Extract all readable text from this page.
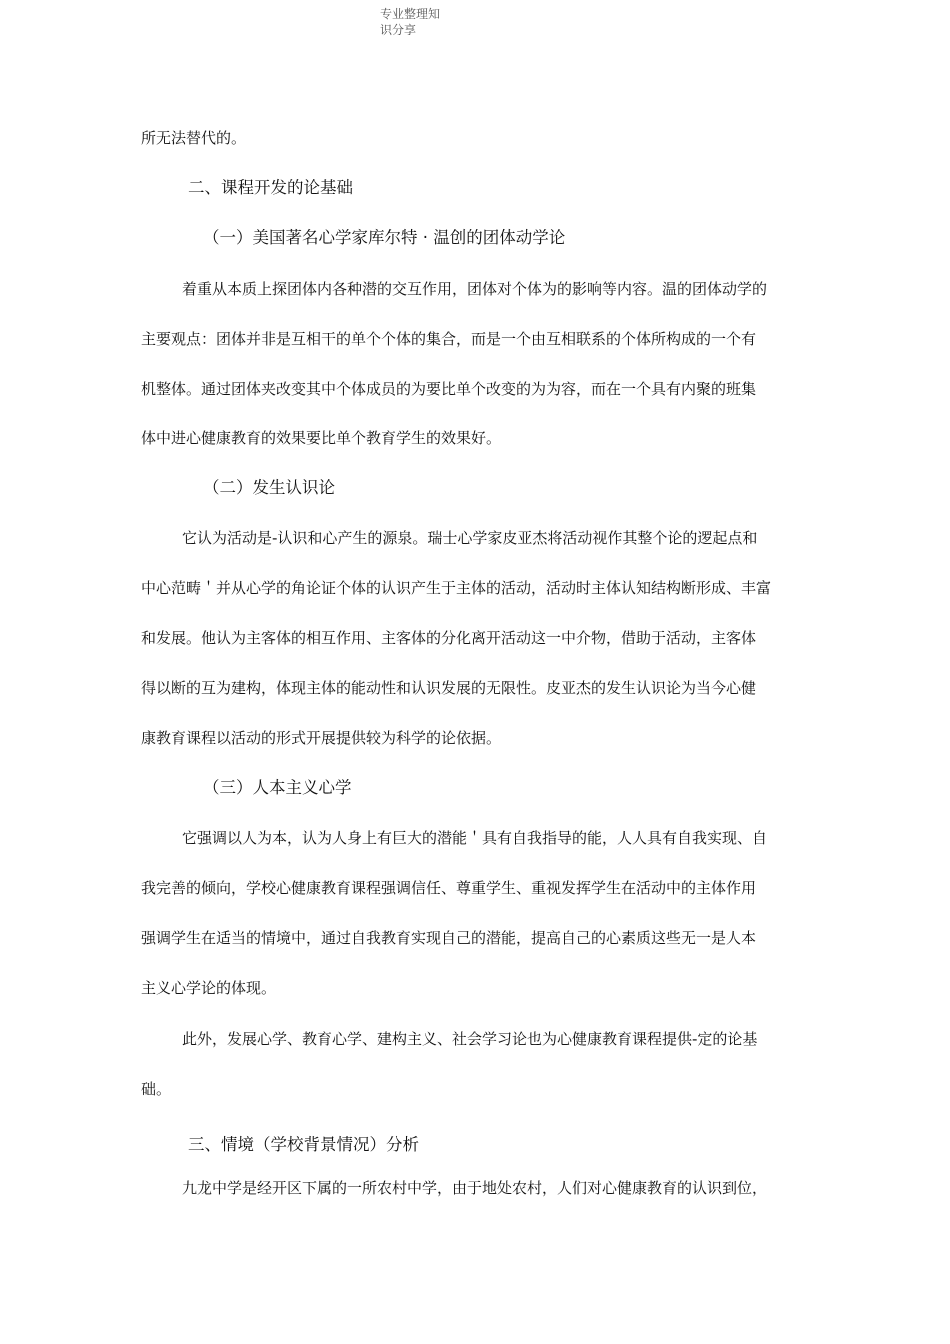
专业整理知识分享
所无法替代的。
二、课程开发的论基础
（一）美国著名心学家库尔特 · 温创的团体动学论
着重从本质上探团体内各种潜的交互作用，团体对个体为的影响等内容。温的团体动学的
主要观点：团体并非是互相干的单个个体的集合，而是一个由互相联系的个体所构成的一个有
机整体。通过团体夹改变其中个体成员的为要比单个改变的为为容，而在一个具有内聚的班集
体中进心健康教育的效果要比单个教育学生的效果好。
（二）发生认识论
它认为活动是-认识和心产生的源泉。瑞士心学家皮亚杰将活动视作其整个论的逻起点和
中心范畴＇并从心学的角论证个体的认识产生于主体的活动，活动时主体认知结构断形成、丰富
和发展。他认为主客体的相互作用、主客体的分化离开活动这一中介物，借助于活动，主客体
得以断的互为建构，体现主体的能动性和认识发展的无限性。皮亚杰的发生认识论为当今心健
康教育课程以活动的形式开展提供较为科学的论依据。
（三）人本主义心学
它强调以人为本，认为人身上有巨大的潜能＇具有自我指导的能，人人具有自我实现、自
我完善的倾向，学校心健康教育课程强调信任、尊重学生、重视发挥学生在活动中的主体作用
强调学生在适当的情境中，通过自我教育实现自己的潜能，提高自己的心素质这些无一是人本
主义心学论的体现。
此外，发展心学、教育心学、建构主义、社会学习论也为心健康教育课程提供-定的论基
础。
三、情境（学校背景情况）分析
九龙中学是经开区下属的一所农村中学，由于地处农村，人们对心健康教育的认识到位，
